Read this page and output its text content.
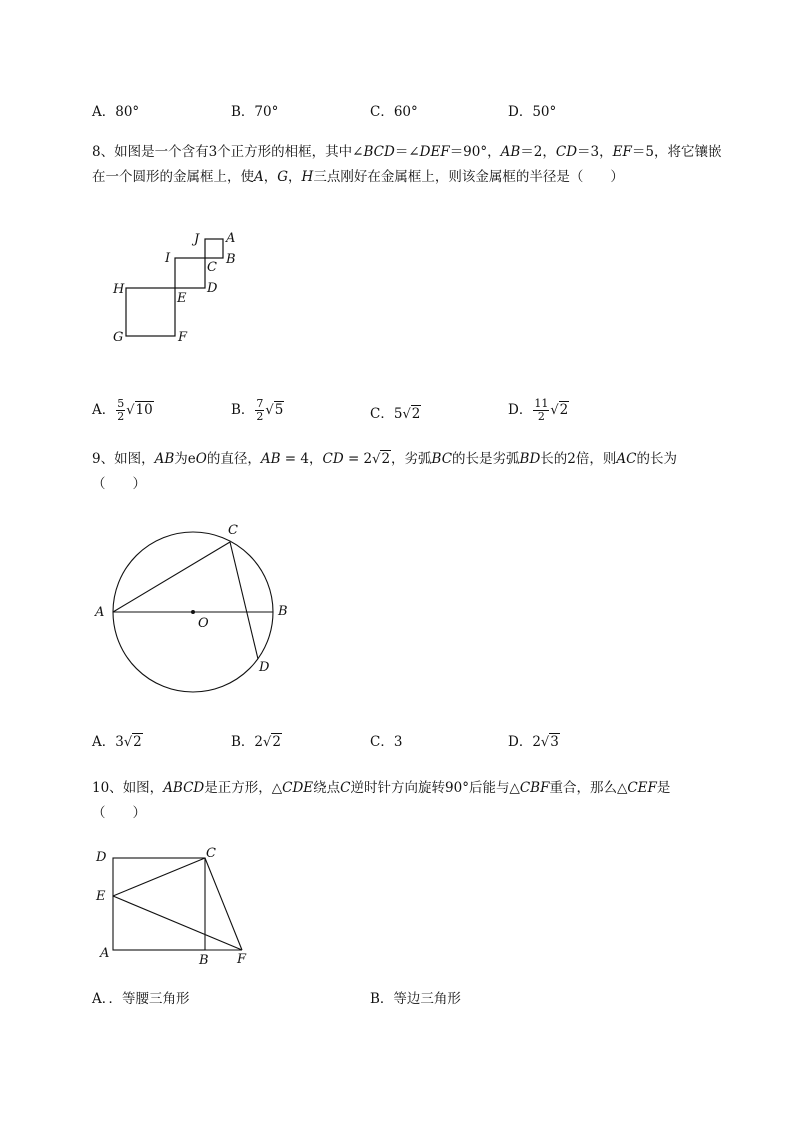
A．80°	B．70°	C．60°	D．50°
8、如图是一个含有3个正方形的相框，其中∠BCD＝∠DEF＝90°，AB＝2，CD＝3，EF＝5，将它镶嵌
在一个圆形的金属框上，使A，G，H三点刚好在金属框上，则该金属框的半径是（　　）
J A
I
C
B
H
E
D
G	F
A． $\frac{5}{2} √10$	B． $\frac{7}{2} √5$	C．5√2	D． $\frac{11}{2} √2$
9、如图，AB为eO的直径，AB = 4，CD = 2√2，劣弧BC的长是劣弧BD长的2倍，则AC的长为
（　　）
C
A	B
O
D
A．3√2	B．2√2	C．3	D．2√3
10、如图，ABCD是正方形，△CDE绕点C逆时针方向旋转90°后能与△CBF重合，那么△CEF是
（　　）
D	C
E
A	B F
A．．等腰三角形	B．等边三角形
